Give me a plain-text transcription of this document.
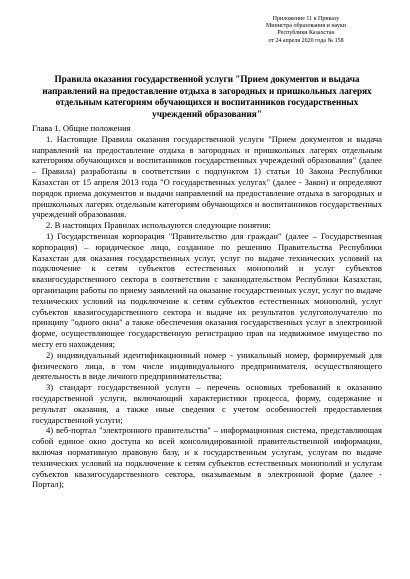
Приложение 11 к Приказу
Министра образования и науки
Республики Казахстан
от 24 апреля 2020 года № 158
Правила оказания государственной услуги "Прием документов и выдача направлений на предоставление отдыха в загородных и пришкольных лагерях отдельным категориям обучающихся и воспитанников государственных учреждений образования"

Глава 1. Общие положения

1. Настоящие Правила оказания государственной услуги "Прием документов и выдача направлений на предоставление отдыха в загородных и пришкольных лагерях отдельным категориям обучающихся и воспитанников государственных учреждений образования" (далее – Правила) разработаны в соответствии с подпунктом 1) статьи 10 Закона Республики Казахстан от 15 апреля 2013 года "О государственных услугах" (далее - Закон) и определяют порядок приема документов и выдачи направлений на предоставление отдыха в загородных и пришкольных лагерях отдельным категориям обучающихся и воспитанников государственных учреждений образования.

2. В настоящих Правилах используются следующие понятия:

1) Государственная корпорация "Правительство для граждан" (далее – Государственная корпорация) – юридическое лицо, созданное по решению Правительства Республики Казахстан для оказания государственных услуг, услуг по выдаче технических условий на подключение к сетям субъектов естественных монополий и услуг субъектов квазигосударственного сектора в соответствии с законодательством Республики Казахстан, организации работы по приему заявлений на оказание государственных услуг, услуг по выдаче технических условий на подключение к сетям субъектов естественных монополий, услуг субъектов квазигосударственного сектора и выдаче их результатов услугополучателю по принципу "одного окна" а также обеспечения оказания государственных услуг в электронной форме, осуществляющее государственную регистрацию прав на недвижимое имущество по месту его нахождения;

2) индивидуальный идентификационный номер - уникальный номер, формируемый для физического лица, в том числе индивидуального предпринимателя, осуществляющего деятельность в виде личного предпринимательства;

3) стандарт государственной услуги – перечень основных требований к оказанию государственной услуги, включающий характеристики процесса, форму, содержание и результат оказания, а также иные сведения с учетом особенностей предоставления государственной услуги;

4) веб-портал "электронного правительства" – информационная система, представляющая собой единое окно доступа ко всей консолидированной правительственной информации, включая нормативную правовую базу, и к государственным услугам, услугам по выдаче технических условий на подключение к сетям субъектов естественных монополий и услугам субъектов квазигосударственного сектора, оказываемым в электронной форме (далее - Портал);
